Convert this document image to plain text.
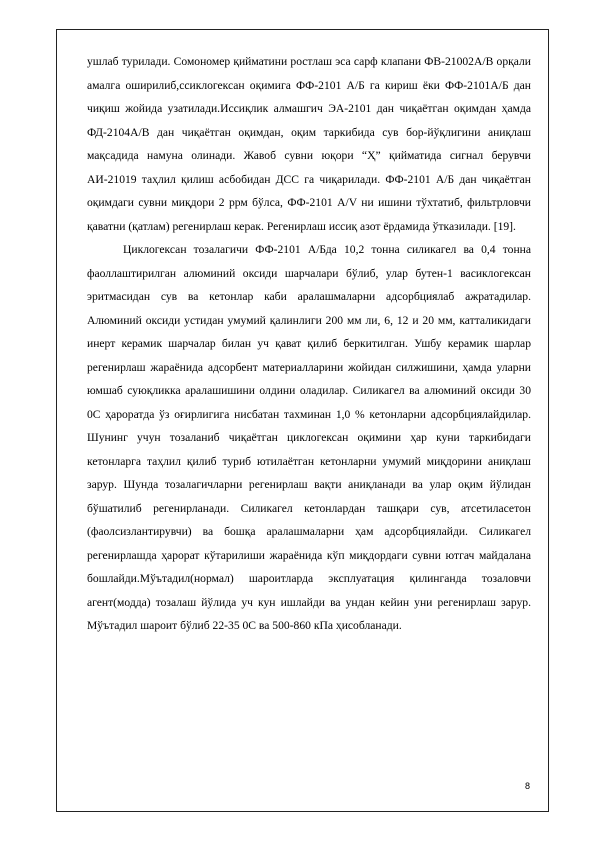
ушлаб турилади. Сомономер қийматини ростлаш эса сарф клапани ФВ-21002А/В орқали амалга оширилиб,ссиклогексан оқимига ФФ-2101 А/Б га кириш ёки ФФ-2101А/Б дан чиқиш жойида узатилади.Иссиқлик алмашгич ЭА-2101 дан чиқаётган оқимдан ҳамда ФД-2104А/В дан чиқаётган оқимдан, оқим таркибида сув бор-йўқлигини аниқлаш мақсадида намуна олинади. Жавоб сувни юқори “Ҳ” қийматида сигнал берувчи АИ-21019 таҳлил қилиш асбобидан ДСС га чиқарилади. ФФ-2101 А/Б дан чиқаётган оқимдаги сувни миқдори 2 ррм бўлса, ФФ-2101 А/V ни ишини тўхтатиб, фильтрловчи қаватни (қатлам) регенирлаш керак. Регенирлаш иссиқ азот ёрдамида ўтказилади. [19].

Циклогексан тозалагичи ФФ-2101 А/Бда 10,2 тонна силикагел ва 0,4 тонна фаоллаштирилган алюминий оксиди шарчалари бўлиб, улар бутен-1 васиклогексан эритмасидан сув ва кетонлар каби аралашмаларни адсорбциялаб ажратадилар. Алюминий оксиди устидан умумий қалинлиги 200 мм ли, 6, 12 и 20 мм, катталикидаги инерт керамик шарчалар билан уч қават қилиб беркитилган. Ушбу керамик шарлар регенирлаш жараёнида адсорбент материалларини жойидан силжишини, ҳамда уларни юмшаб суюқликка аралашишини олдини оладилар. Силикагел ва алюминий оксиди 30 0С ҳароратда ўз оғирлигига нисбатан тахминан 1,0 % кетонларни адсорбциялайдилар. Шунинг учун тозаланиб чиқаётган циклогексан оқимини ҳар куни таркибидаги кетонларга таҳлил қилиб туриб ютилаётган кетонларни умумий миқдорини аниқлаш зарур. Шунда тозалагичларни регенирлаш вақти аниқланади ва улар оқим йўлидан бўшатилиб регенирланади. Силикагел кетонлардан ташқари сув, атсетиласетон (фаолсизлантирувчи) ва бошқа аралашмаларни ҳам адсорбциялайди. Силикагел регенирлашда ҳарорат кўтарилиши жараёнида кўп миқдордаги сувни ютгач майдалана бошлайди.Мўътадил(нормал) шароитларда эксплуатация қилинганда тозаловчи агент(модда) тозалаш йўлида уч кун ишлайди ва ундан кейин уни регенирлаш зарур. Мўътадил шароит бўлиб 22-35 0С ва 500-860 кПа ҳисобланади.

8
